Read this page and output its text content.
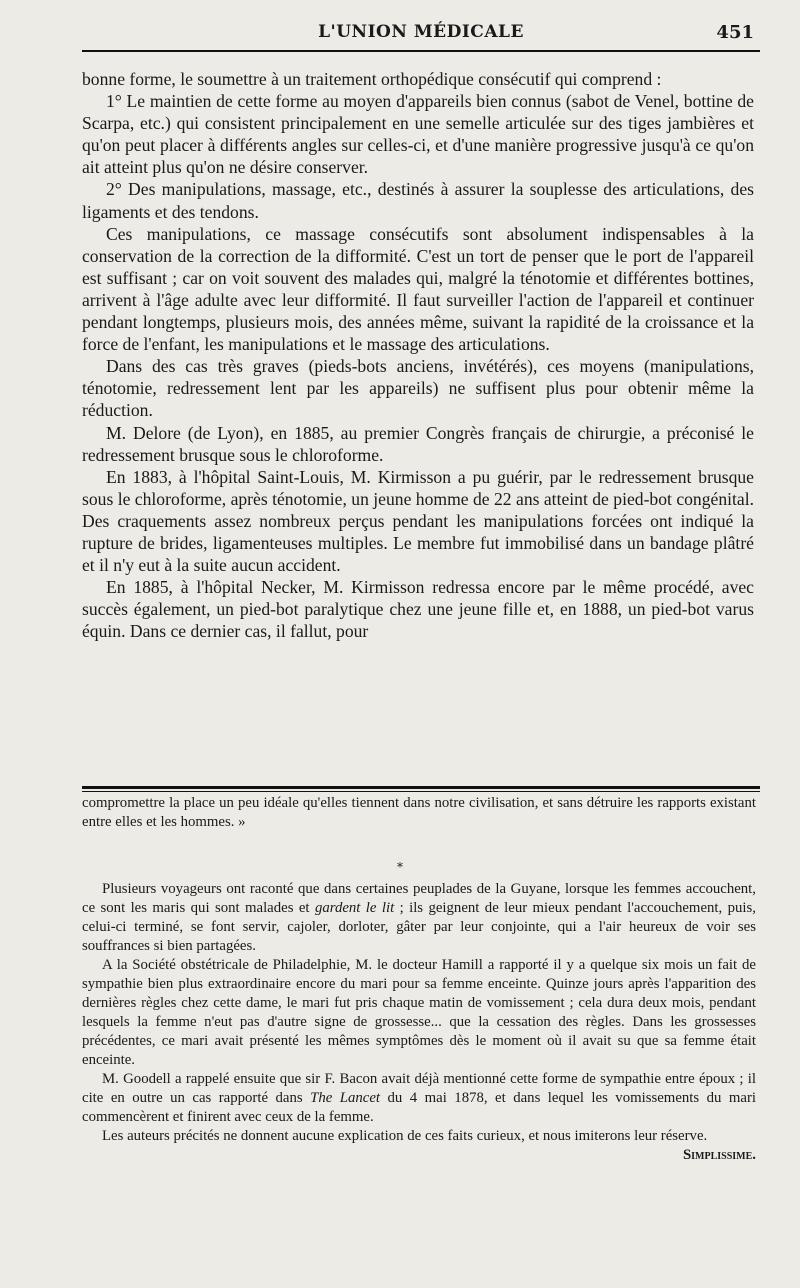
L'UNION MÉDICALE	451

bonne forme, le soumettre à un traitement orthopédique consécutif qui comprend :

1° Le maintien de cette forme au moyen d'appareils bien connus (sabot de Venel, bottine de Scarpa, etc.) qui consistent principalement en une semelle articulée sur des tiges jambières et qu'on peut placer à différents angles sur celles-ci, et d'une manière progressive jusqu'à ce qu'on ait atteint plus qu'on ne désire conserver.

2° Des manipulations, massage, etc., destinés à assurer la souplesse des articulations, des ligaments et des tendons.

Ces manipulations, ce massage consécutifs sont absolument indispensables à la conservation de la correction de la difformité. C'est un tort de penser que le port de l'appareil est suffisant ; car on voit souvent des malades qui, malgré la ténotomie et différentes bottines, arrivent à l'âge adulte avec leur difformité. Il faut surveiller l'action de l'appareil et continuer pendant longtemps, plusieurs mois, des années même, suivant la rapidité de la croissance et la force de l'enfant, les manipulations et le massage des articulations.

Dans des cas très graves (pieds-bots anciens, invétérés), ces moyens (manipulations, ténotomie, redressement lent par les appareils) ne suffisent plus pour obtenir même la réduction.

M. Delore (de Lyon), en 1885, au premier Congrès français de chirurgie, a préconisé le redressement brusque sous le chloroforme.

En 1883, à l'hôpital Saint-Louis, M. Kirmisson a pu guérir, par le redressement brusque sous le chloroforme, après ténotomie, un jeune homme de 22 ans atteint de pied-bot congénital. Des craquements assez nombreux perçus pendant les manipulations forcées ont indiqué la rupture de brides, ligamenteuses multiples. Le membre fut immobilisé dans un bandage plâtré et il n'y eut à la suite aucun accident.

En 1885, à l'hôpital Necker, M. Kirmisson redressa encore par le même procédé, avec succès également, un pied-bot paralytique chez une jeune fille et, en 1888, un pied-bot varus équin. Dans ce dernier cas, il fallut, pour

compromettre la place un peu idéale qu'elles tiennent dans notre civilisation, et sans détruire les rapports existant entre elles et les hommes. »

*

Plusieurs voyageurs ont raconté que dans certaines peuplades de la Guyane, lorsque les femmes accouchent, ce sont les maris qui sont malades et gardent le lit ; ils geignent de leur mieux pendant l'accouchement, puis, celui-ci terminé, se font servir, cajoler, dorloter, gâter par leur conjointe, qui a l'air heureux de voir ses souffrances si bien partagées.

A la Société obstétricale de Philadelphie, M. le docteur Hamill a rapporté il y a quelque six mois un fait de sympathie bien plus extraordinaire encore du mari pour sa femme enceinte. Quinze jours après l'apparition des dernières règles chez cette dame, le mari fut pris chaque matin de vomissement ; cela dura deux mois, pendant lesquels la femme n'eut pas d'autre signe de grossesse... que la cessation des règles. Dans les grossesses précédentes, ce mari avait présenté les mêmes symptômes dès le moment où il avait su que sa femme était enceinte.

M. Goodell a rappelé ensuite que sir F. Bacon avait déjà mentionné cette forme de sympathie entre époux ; il cite en outre un cas rapporté dans The Lancet du 4 mai 1878, et dans lequel les vomissements du mari commencèrent et finirent avec ceux de la femme.

Les auteurs précités ne donnent aucune explication de ces faits curieux, et nous imiterons leur réserve.
Simplissime.
